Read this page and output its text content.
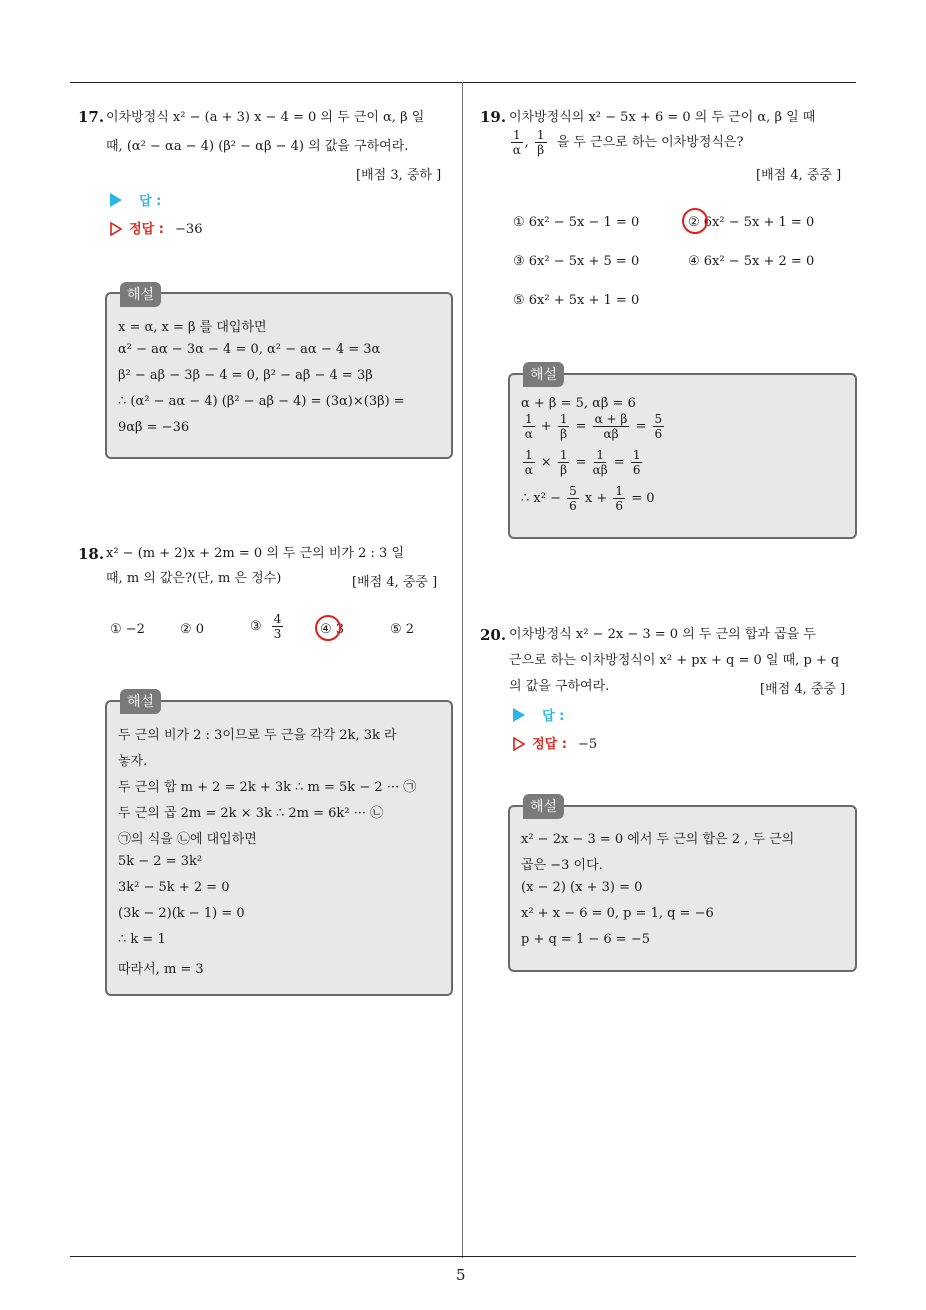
5
17. 이차방정식 x² − (a + 3) x − 4 = 0 의 두 근이 α, β 일
때, (α² − αa − 4) (β² − αβ − 4) 의 값을 구하여라.
[배점 3, 중하 ]
답 :
정답 : −36
해설
x = α, x = β 를 대입하면
α² − aα − 3α − 4 = 0, α² − aα − 4 = 3α
β² − aβ − 3β − 4 = 0, β² − aβ − 4 = 3β
∴ (α² − aα − 4) (β² − aβ − 4) = (3α)×(3β) =
9αβ = −36
18. x² − (m + 2)x + 2m = 0 의 두 근의 비가 2 : 3 일
때, m 의 값은?(단, m 은 정수)	[배점 4, 중중 ]
① −2	② 0	③ $\frac{4}{3}$	④ 3	⑤ 2
해설
두 근의 비가 2 : 3이므로 두 근을 각각 2k, 3k 라
놓자.
두 근의 합 m + 2 = 2k + 3k ∴ m = 5k − 2 ··· ㉠
두 근의 곱 2m = 2k × 3k ∴ 2m = 6k² ··· ㉡
㉠의 식을 ㉡에 대입하면
5k − 2 = 3k²
3k² − 5k + 2 = 0
(3k − 2)(k − 1) = 0
∴ k = 1
따라서, m = 3
19. 이차방정식의 x² − 5x + 6 = 0 의 두 근이 α, β 일 때
$\frac{1}{\alpha}$ , $\frac{1}{\beta}$ 을 두 근으로 하는 이차방정식은?
[배점 4, 중중 ]
① 6x² − 5x − 1 = 0	② 6x² − 5x + 1 = 0
③ 6x² − 5x + 5 = 0	④ 6x² − 5x + 2 = 0
⑤ 6x² + 5x + 1 = 0
해설
α + β = 5, αβ = 6
$\frac{1}{\alpha} + \frac{1}{\beta} = \frac{\alpha + \beta}{\alpha\beta} = \frac{5}{6}$
$\frac{1}{\alpha} \times \frac{1}{\beta} = \frac{1}{\alpha\beta} = \frac{1}{6}$
∴ $x^2 - \frac{5}{6}$ $x + \frac{1}{6} = 0$
20. 이차방정식 x² − 2x − 3 = 0 의 두 근의 합과 곱을 두
근으로 하는 이차방정식이 x² + px + q = 0 일 때, p + q
의 값을 구하여라.	[배점 4, 중중 ]
답 :
정답 : −5
해설
x² − 2x − 3 = 0 에서 두 근의 합은 2 , 두 근의
곱은 −3 이다.
(x − 2) (x + 3) = 0
x² + x − 6 = 0, p = 1, q = −6
p + q = 1 − 6 = −5
